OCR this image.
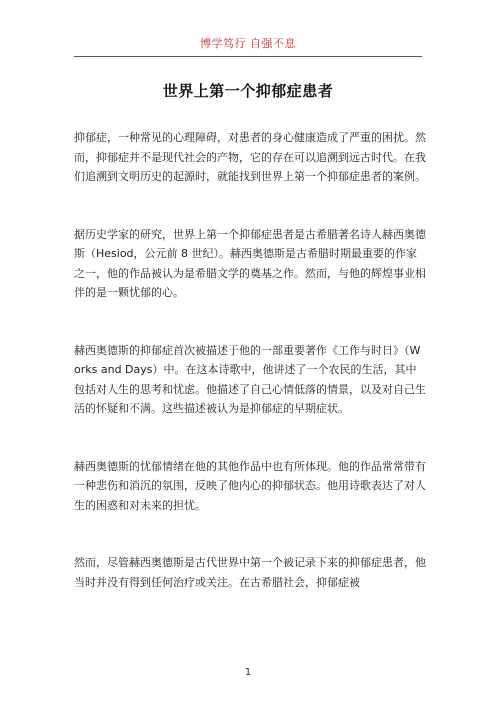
博学笃行 自强不息
世界上第一个抑郁症患者

抑郁症，一种常见的心理障碍，对患者的身心健康造成了严重的困扰。然而，抑郁症并不是现代社会的产物，它的存在可以追溯到远古时代。在我们追溯到文明历史的起源时，就能找到世界上第一个抑郁症患者的案例。

据历史学家的研究，世界上第一个抑郁症患者是古希腊著名诗人赫西奥德斯（Hesiod，公元前 8 世纪）。赫西奥德斯是古希腊时期最重要的作家之一，他的作品被认为是希腊文学的奠基之作。然而，与他的辉煌事业相伴的是一颗忧郁的心。

赫西奥德斯的抑郁症首次被描述于他的一部重要著作《工作与时日》（Works and Days）中。在这本诗歌中，他讲述了一个农民的生活，其中包括对人生的思考和忧虑。他描述了自己心情低落的情景，以及对自己生活的怀疑和不满。这些描述被认为是抑郁症的早期症状。

赫西奥德斯的忧郁情绪在他的其他作品中也有所体现。他的作品常常带有一种悲伤和消沉的氛围，反映了他内心的抑郁状态。他用诗歌表达了对人生的困惑和对未来的担忧。

然而，尽管赫西奥德斯是古代世界中第一个被记录下来的抑郁症患者，他当时并没有得到任何治疗或关注。在古希腊社会，抑郁症被

1
